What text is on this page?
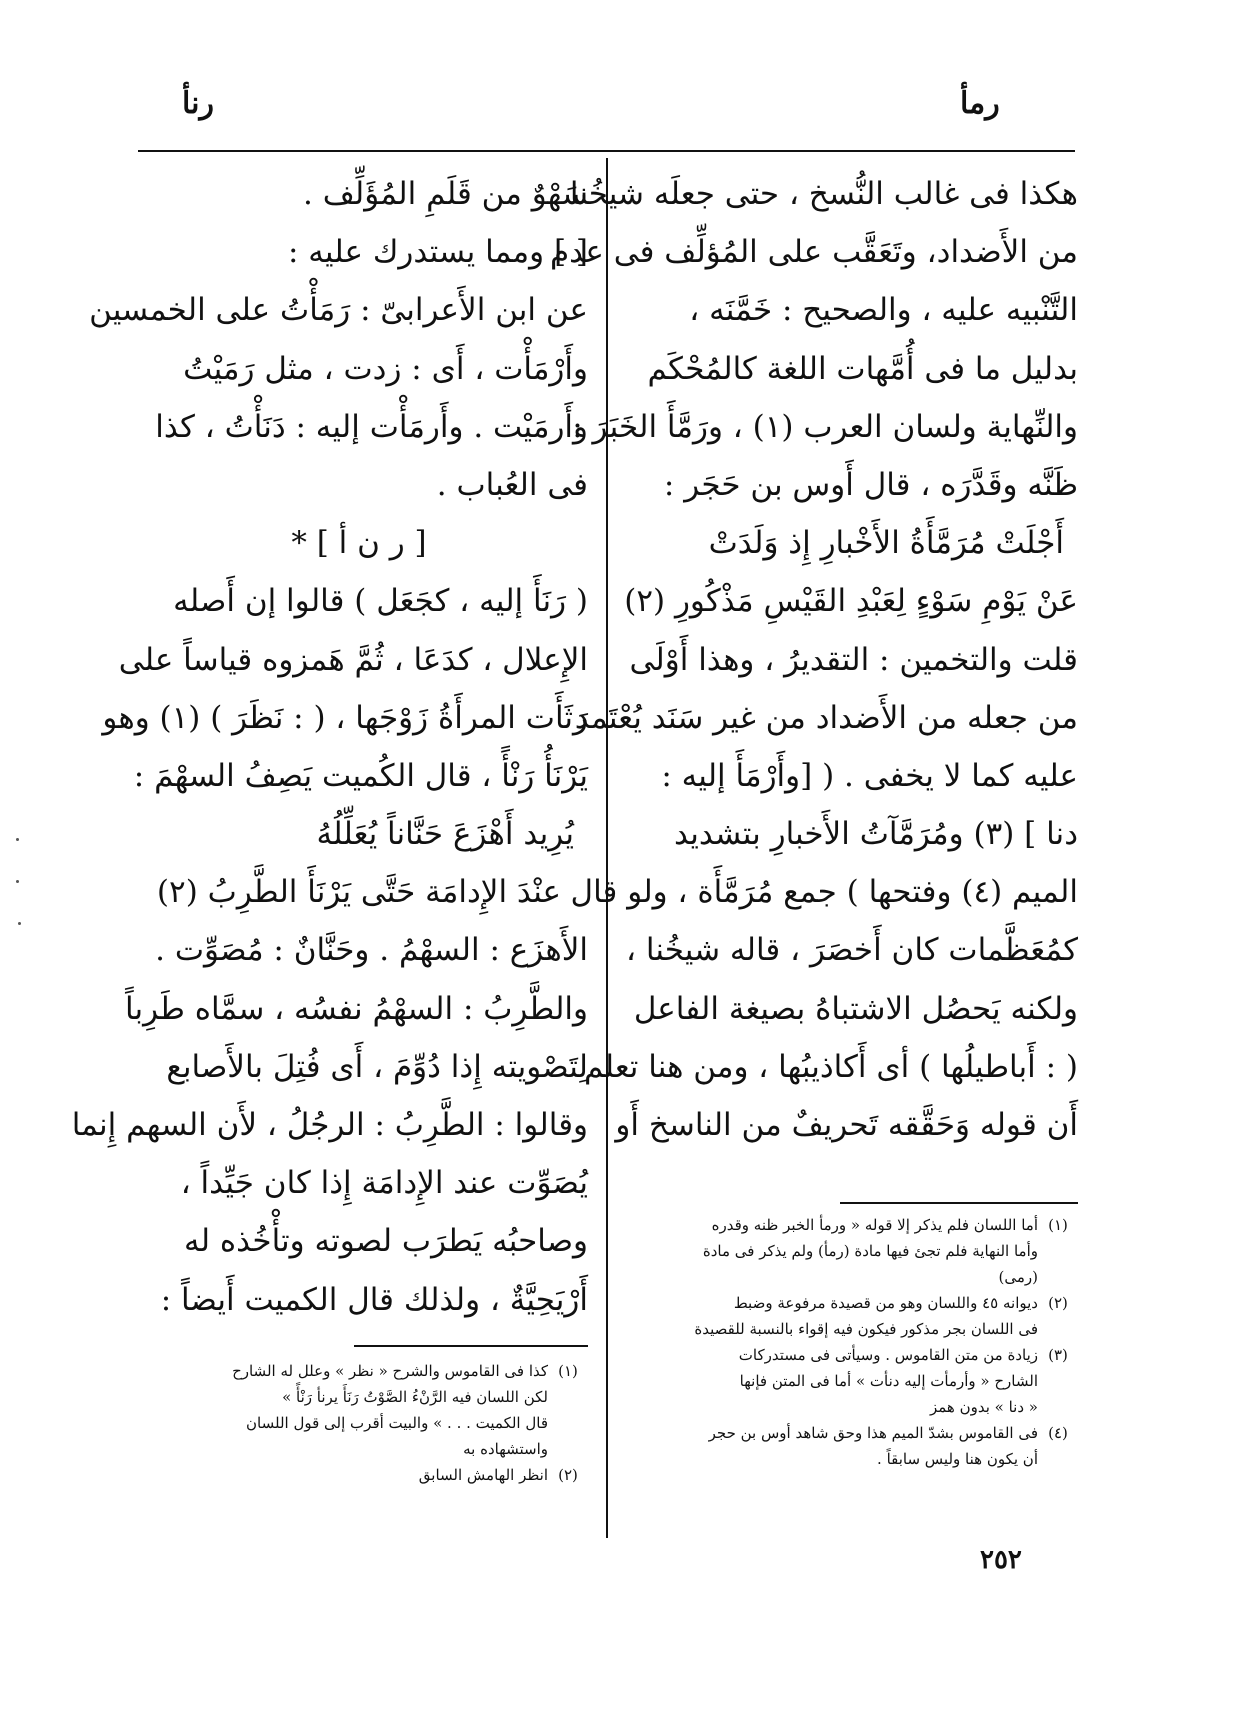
رنأ	رمأ
هكذا فى غالب النُّسخ ، حتى جعلَه شيخُنا
من الأَضداد، وتَعَقَّب على المُؤلِّف فى عدم
التَّنْبيه عليه ، والصحيح : خَمَّنَه ،
بدليل ما فى أُمَّهات اللغة كالمُحْكَم
والنِّهاية ولسان العرب (١) ، ورَمَّأَ الخَبَرَ :
ظَنَّه وقَدَّرَه ، قال أَوس بن حَجَر :
أَجْلَتْ مُرَمَّأَةُ الأَخْبارِ إِذ وَلَدَتْ
عَنْ يَوْمِ سَوْءٍ لِعَبْدِ القَيْسِ مَذْكُورِ (٢)
قلت والتخمين : التقديرُ ، وهذا أَوْلَى
من جعله من الأَضداد من غير سَنَد يُعْتَمد
عليه كما لا يخفى . ( [وأَرْمَأَ إليه :
دنا ] (٣) ومُرَمَّآتُ الأَخبارِ بتشديد
الميم (٤) وفتحها ) جمع مُرَمَّأَة ، ولو قال
كمُعَظَّمات كان أَخصَرَ ، قاله شيخُنا ،
ولكنه يَحصُل الاشتباهُ بصيغة الفاعل
( : أَباطيلُها ) أى أَكاذيبُها ، ومن هنا تعلم
أَن قوله وَحَقَّقه تَحريفٌ من الناسخ أَو
سَهْوٌ من قَلَمِ المُؤَلِّف .
[ ] ومما يستدرك عليه :
عن ابن الأَعرابىّ : رَمَأْتُ على الخمسين
وأَرْمَأْت ، أَى : زدت ، مثل رَمَيْتُ
وأَرمَيْت . وأَرمَأْت إليه : دَنَأْتُ ، كذا
فى العُباب .
[ ر ن أ ] *
( رَنَأَ إليه ، كجَعَل ) قالوا إن أَصله
الإِعلال ، كدَعَا ، ثُمَّ هَمزوه قياساً على
رَثَأَت المرأَةُ زَوْجَها ، ( : نَظَرَ ) (١) وهو
يَرْنَأُ رَنْأً ، قال الكُميت يَصِفُ السهْمَ :
يُرِيد أَهْزَعَ حَنَّاناً يُعَلِّلُهُ
عنْدَ الإِدامَة حَتَّى يَرْنَأَ الطَّرِبُ (٢)
الأَهزَع : السهْمُ . وحَنَّانٌ : مُصَوِّت .
والطَّرِبُ : السهْمُ نفسُه ، سمَّاه طَرِباً
لِتَصْويته إِذا دُوِّمَ ، أَى فُتِلَ بالأَصابع
وقالوا : الطَّرِبُ : الرجُلُ ، لأَن السهم إِنما
يُصَوِّت عند الإِدامَة إِذا كان جَيِّداً ،
وصاحبُه يَطرَب لصوته وتأْخُذه له
أَرْيَحِيَّةٌ ، ولذلك قال الكميت أَيضاً :
(١)
أما اللسان فلم يذكر إلا قوله « ورمأ الخبر ظنه وقدره
وأما النهاية فلم تجئ فيها مادة (رمأ) ولم يذكر فى مادة
(رمى)
(٢)
ديوانه ٤٥ واللسان وهو من قصيدة مرفوعة وضبط
فى اللسان بجر مذكور فيكون فيه إقواء بالنسبة للقصيدة
(٣)
زيادة من متن القاموس . وسيأتى فى مستدركات
الشارح « وأرمأت إليه دنأت » أما فى المتن فإنها
« دنا » بدون همز
(٤)
فى القاموس بشدّ الميم هذا وحق شاهد أوس بن حجر
أن يكون هنا وليس سابقاً .
(١)
كذا فى القاموس والشرح « نظر » وعلل له الشارح
لكن اللسان فيه الرَّنْءُ الصَّوْتُ رَنَأَ يرنأ رَنْأً »
قال الكميت . . . » والبيت أقرب إلى قول اللسان
واستشهاده به
(٢)
انظر الهامش السابق
٢٥٢
